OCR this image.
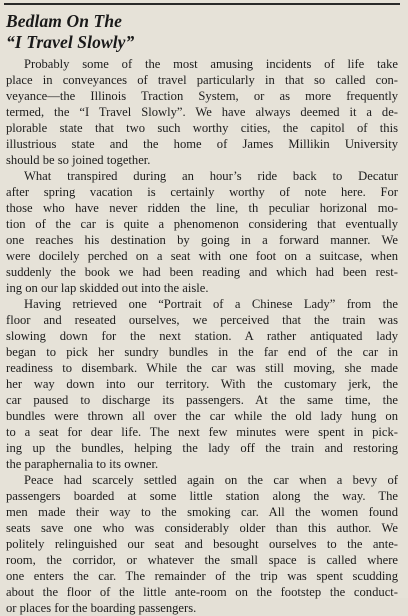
Bedlam On The
“I Travel Slowly”
Probably some of the most amusing incidents of life take
place in conveyances of travel particularly in that so called con-
veyance—the Illinois Traction System, or as more frequently
termed, the “I Travel Slowly”. We have always deemed it a de-
plorable state that two such worthy cities, the capitol of this
illustrious state and the home of James Millikin University
should be so joined together.
What transpired during an hour’s ride back to Decatur
after spring vacation is certainly worthy of note here. For
those who have never ridden the line, th peculiar horizonal mo-
tion of the car is quite a phenomenon considering that eventually
one reaches his destination by going in a forward manner. We
were docilely perched on a seat with one foot on a suitcase, when
suddenly the book we had been reading and which had been rest-
ing on our lap skidded out into the aisle.
Having retrieved one “Portrait of a Chinese Lady” from the
floor and reseated ourselves, we perceived that the train was
slowing down for the next station. A rather antiquated lady
began to pick her sundry bundles in the far end of the car in
readiness to disembark. While the car was still moving, she made
her way down into our territory. With the customary jerk, the
car paused to discharge its passengers. At the same time, the
bundles were thrown all over the car while the old lady hung on
to a seat for dear life. The next few minutes were spent in pick-
ing up the bundles, helping the lady off the train and restoring
the paraphernalia to its owner.
Peace had scarcely settled again on the car when a bevy of
passengers boarded at some little station along the way. The
men made their way to the smoking car. All the women found
seats save one who was considerably older than this author. We
politely relinguished our seat and besought ourselves to the ante-
room, the corridor, or whatever the small space is called where
one enters the car. The remainder of the trip was spent scudding
about the floor of the little ante-room on the footstep the conduct-
or places for the boarding passengers.
